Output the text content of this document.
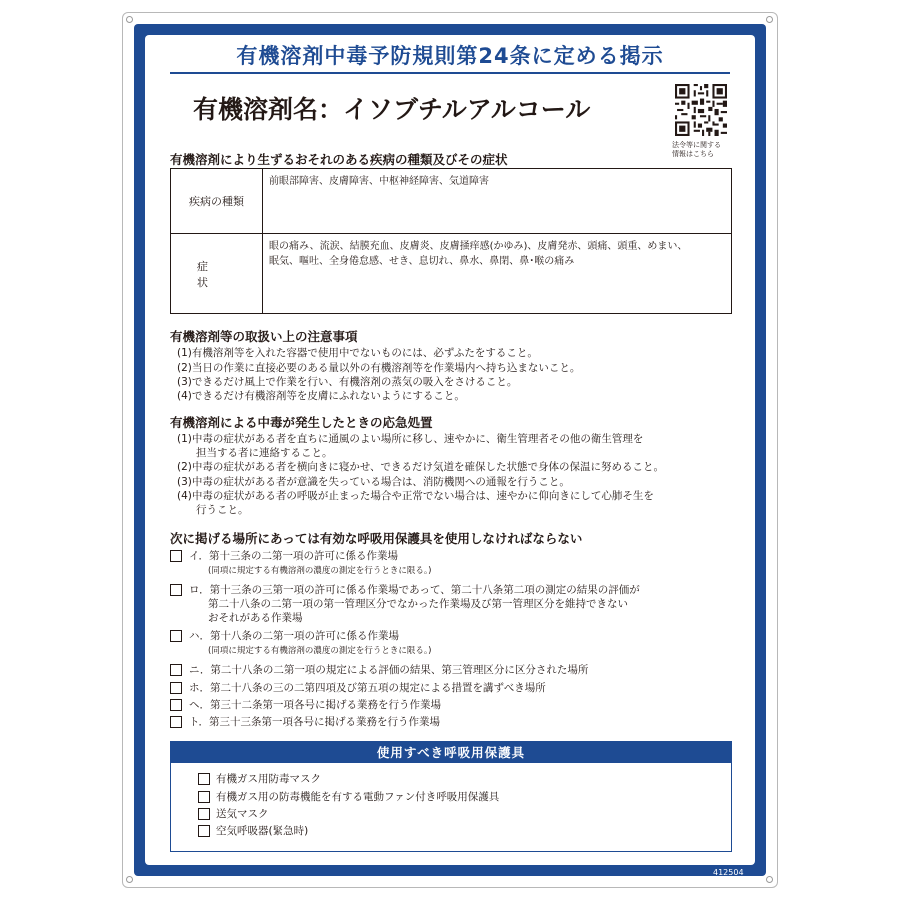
有機溶剤中毒予防規則第24条に定める掲示
有機溶剤名：イソブチルアルコール
法令等に関する
情報はこちら
有機溶剤により生ずるおそれのある疾病の種類及びその症状
疾病の種類
前眼部障害、皮膚障害、中枢神経障害、気道障害
症状
眼の痛み、流涙、結膜充血、皮膚炎、皮膚掻痒感(かゆみ)、皮膚発赤、頭痛、頭重、めまい、
眠気、嘔吐、全身倦怠感、せき、息切れ、鼻水、鼻閉、鼻･喉の痛み
有機溶剤等の取扱い上の注意事項
(1)有機溶剤等を入れた容器で使用中でないものには、必ずふたをすること。
(2)当日の作業に直接必要のある量以外の有機溶剤等を作業場内へ持ち込まないこと。
(3)できるだけ風上で作業を行い、有機溶剤の蒸気の吸入をさけること。
(4)できるだけ有機溶剤等を皮膚にふれないようにすること。
有機溶剤による中毒が発生したときの応急処置
(1)中毒の症状がある者を直ちに通風のよい場所に移し、速やかに、衛生管理者その他の衛生管理を
担当する者に連絡すること。
(2)中毒の症状がある者を横向きに寝かせ、できるだけ気道を確保した状態で身体の保温に努めること。
(3)中毒の症状がある者が意識を失っている場合は、消防機関への通報を行うこと。
(4)中毒の症状がある者の呼吸が止まった場合や正常でない場合は、速やかに仰向きにして心肺そ生を
行うこと。
次に掲げる場所にあっては有効な呼吸用保護具を使用しなければならない
イ．第十三条の二第一項の許可に係る作業場
(同項に規定する有機溶剤の濃度の測定を行うときに限る。)
ロ．第十三条の三第一項の許可に係る作業場であって、第二十八条第二項の測定の結果の評価が
第二十八条の二第一項の第一管理区分でなかった作業場及び第一管理区分を維持できない
おそれがある作業場
ハ．第十八条の二第一項の許可に係る作業場
(同項に規定する有機溶剤の濃度の測定を行うときに限る。)
ニ．第二十八条の二第一項の規定による評価の結果、第三管理区分に区分された場所
ホ．第二十八条の三の二第四項及び第五項の規定による措置を講ずべき場所
ヘ．第三十二条第一項各号に掲げる業務を行う作業場
ト．第三十三条第一項各号に掲げる業務を行う作業場
使用すべき呼吸用保護具
有機ガス用防毒マスク
有機ガス用の防毒機能を有する電動ファン付き呼吸用保護具
送気マスク
空気呼吸器(緊急時)
412504
